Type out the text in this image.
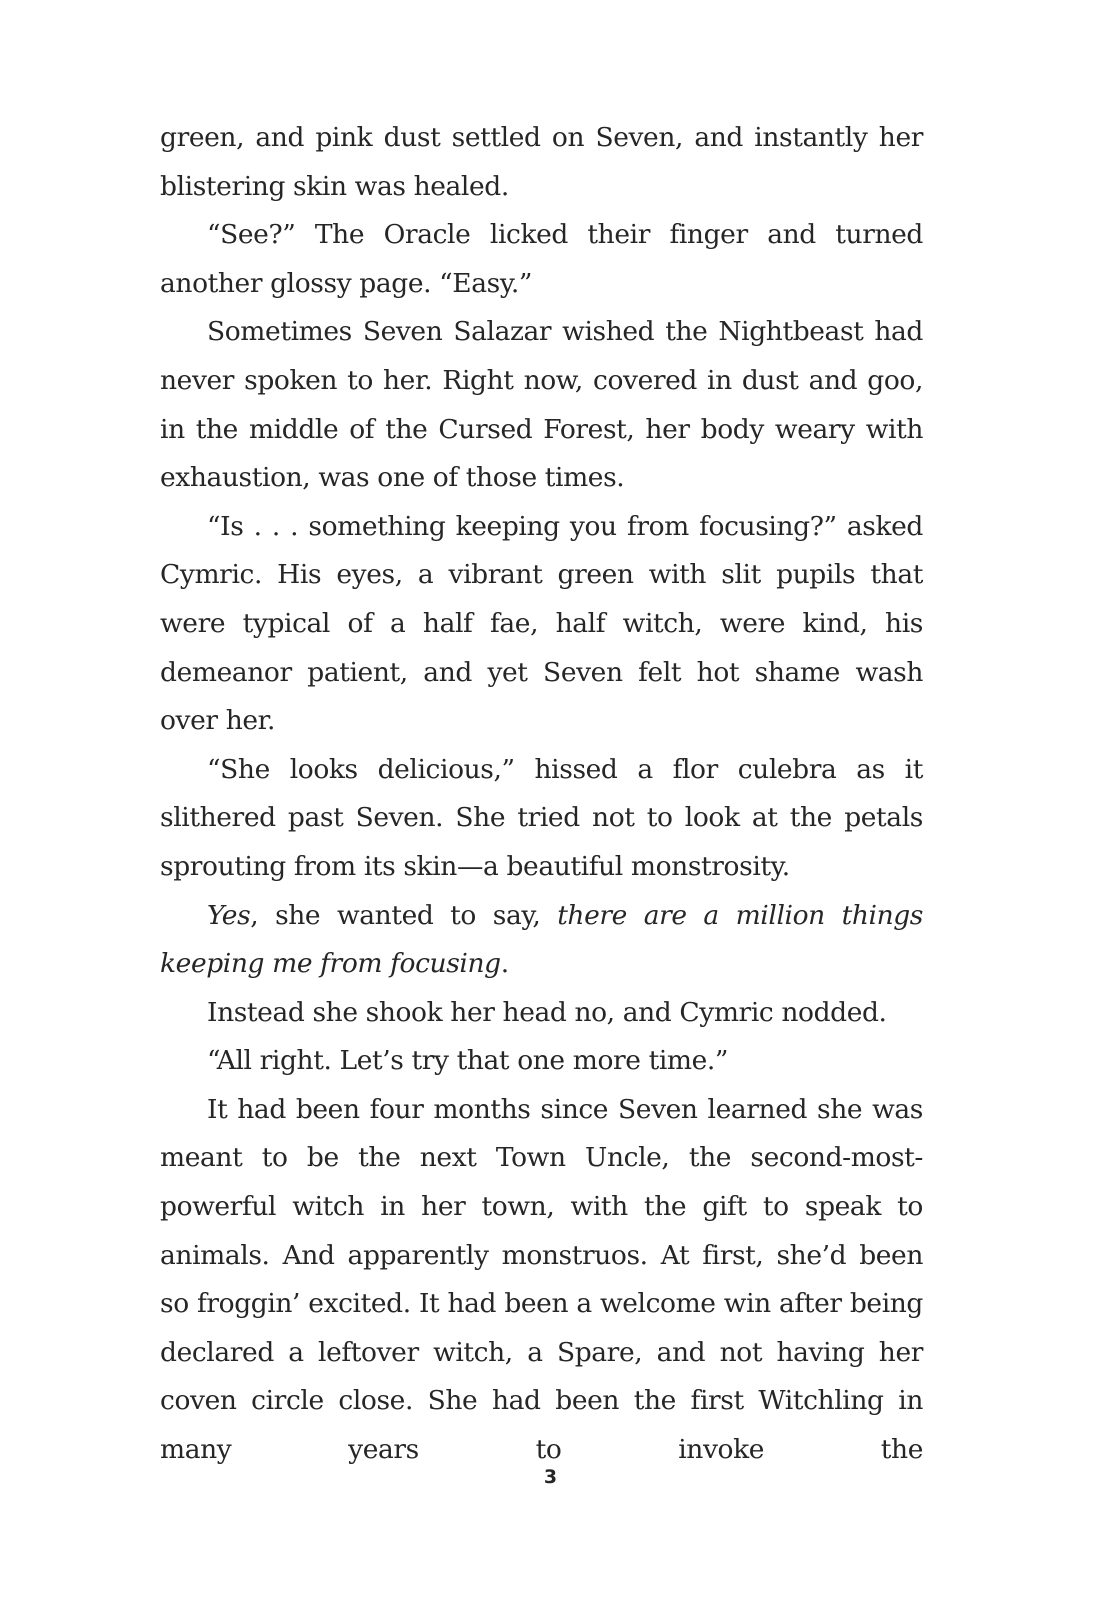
green, and pink dust settled on Seven, and instantly her blistering skin was healed.

“See?” The Oracle licked their finger and turned another glossy page. “Easy.”

Sometimes Seven Salazar wished the Nightbeast had never spoken to her. Right now, covered in dust and goo, in the middle of the Cursed Forest, her body weary with exhaustion, was one of those times.

“Is . . . something keeping you from focusing?” asked Cymric. His eyes, a vibrant green with slit pupils that were typical of a half fae, half witch, were kind, his demeanor patient, and yet Seven felt hot shame wash over her.

“She looks delicious,” hissed a flor culebra as it slithered past Seven. She tried not to look at the petals sprouting from its skin—a beautiful monstrosity.

Yes, she wanted to say, there are a million things keeping me from focusing.

Instead she shook her head no, and Cymric nodded.

“All right. Let’s try that one more time.”

It had been four months since Seven learned she was meant to be the next Town Uncle, the second-most-powerful witch in her town, with the gift to speak to animals. And apparently monstruos. At first, she’d been so froggin’ excited. It had been a welcome win after being declared a leftover witch, a Spare, and not having her coven circle close. She had been the first Witchling in many years to invoke the

3
